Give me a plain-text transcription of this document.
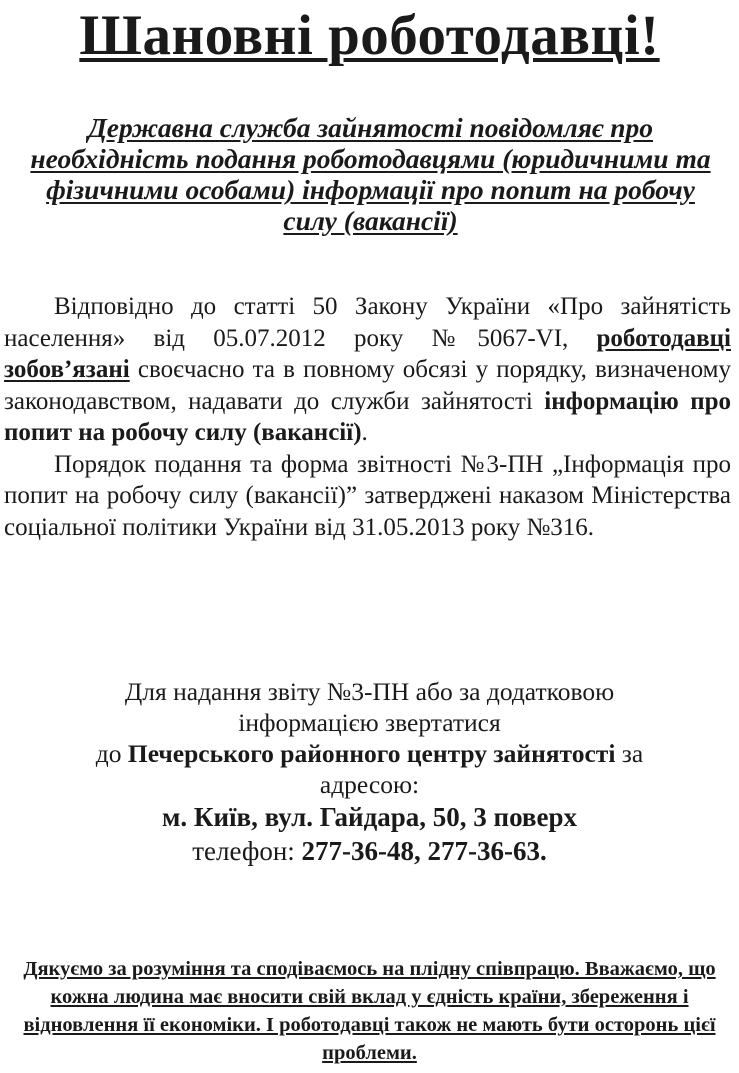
Шановні роботодавці!
Державна служба зайнятості повідомляє про необхідність подання роботодавцями (юридичними та фізичними особами) інформації про попит на робочу силу (вакансії)

Відповідно до статті 50 Закону України «Про зайнятість населення» від 05.07.2012 року №5067-VI, роботодавці зобов’язані своєчасно та в повному обсязі у порядку, визначеному законодавством, надавати до служби зайнятості інформацію про попит на робочу силу (вакансії).

Порядок подання та форма звітності №3-ПН „Інформація про попит на робочу силу (вакансії)” затверджені наказом Міністерства соціальної політики України від 31.05.2013 року №316.

Для надання звіту №3-ПН або за додатковою
інформацією звертатися
до Печерського районного центру зайнятості за
адресою:
м. Київ, вул. Гайдара, 50, 3 поверх
телефон: 277-36-48, 277-36-63.
Дякуємо за розуміння та сподіваємось на плідну співпрацю. Вважаємо, що кожна людина має вносити свій вклад у єдність країни, збереження і відновлення її економіки. І роботодавці також не мають бути осторонь цієї проблеми.
